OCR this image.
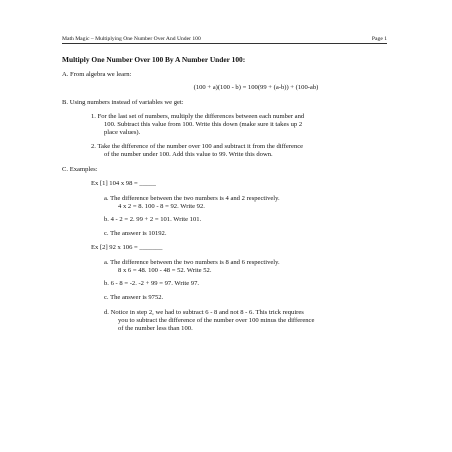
Math Magic – Multiplying One Number Over And Under 100	Page 1
Multiply One Number Over 100 By A Number Under 100:
A. From algebra we learn:
(100 + a)(100 - b) = 100(99 + (a-b)) + (100-ab)
B. Using numbers instead of variables we get:
1. For the last set of numbers, multiply the differences between each number and
100. Subtract this value from 100. Write this down (make sure it takes up 2
place values).
2. Take the difference of the number over 100 and subtract it from the difference
of the number under 100. Add this value to 99. Write this down.
C. Examples:
Ex [1] 104 x 98 = _____
a. The difference between the two numbers is 4 and 2 respectively.
4 x 2 = 8. 100 - 8 = 92. Write 92.
b. 4 - 2 = 2. 99 + 2 = 101. Write 101.
c. The answer is 10192.
Ex [2] 92 x 106 = _______
a. The difference between the two numbers is 8 and 6 respectively.
8 x 6 = 48. 100 - 48 = 52. Write 52.
b. 6 - 8 = -2. -2 + 99 = 97. Write 97.
c. The answer is 9752.
d. Notice in step 2, we had to subtract 6 - 8 and not 8 - 6. This trick requires
you to subtract the difference of the number over 100 minus the difference
of the number less than 100.
